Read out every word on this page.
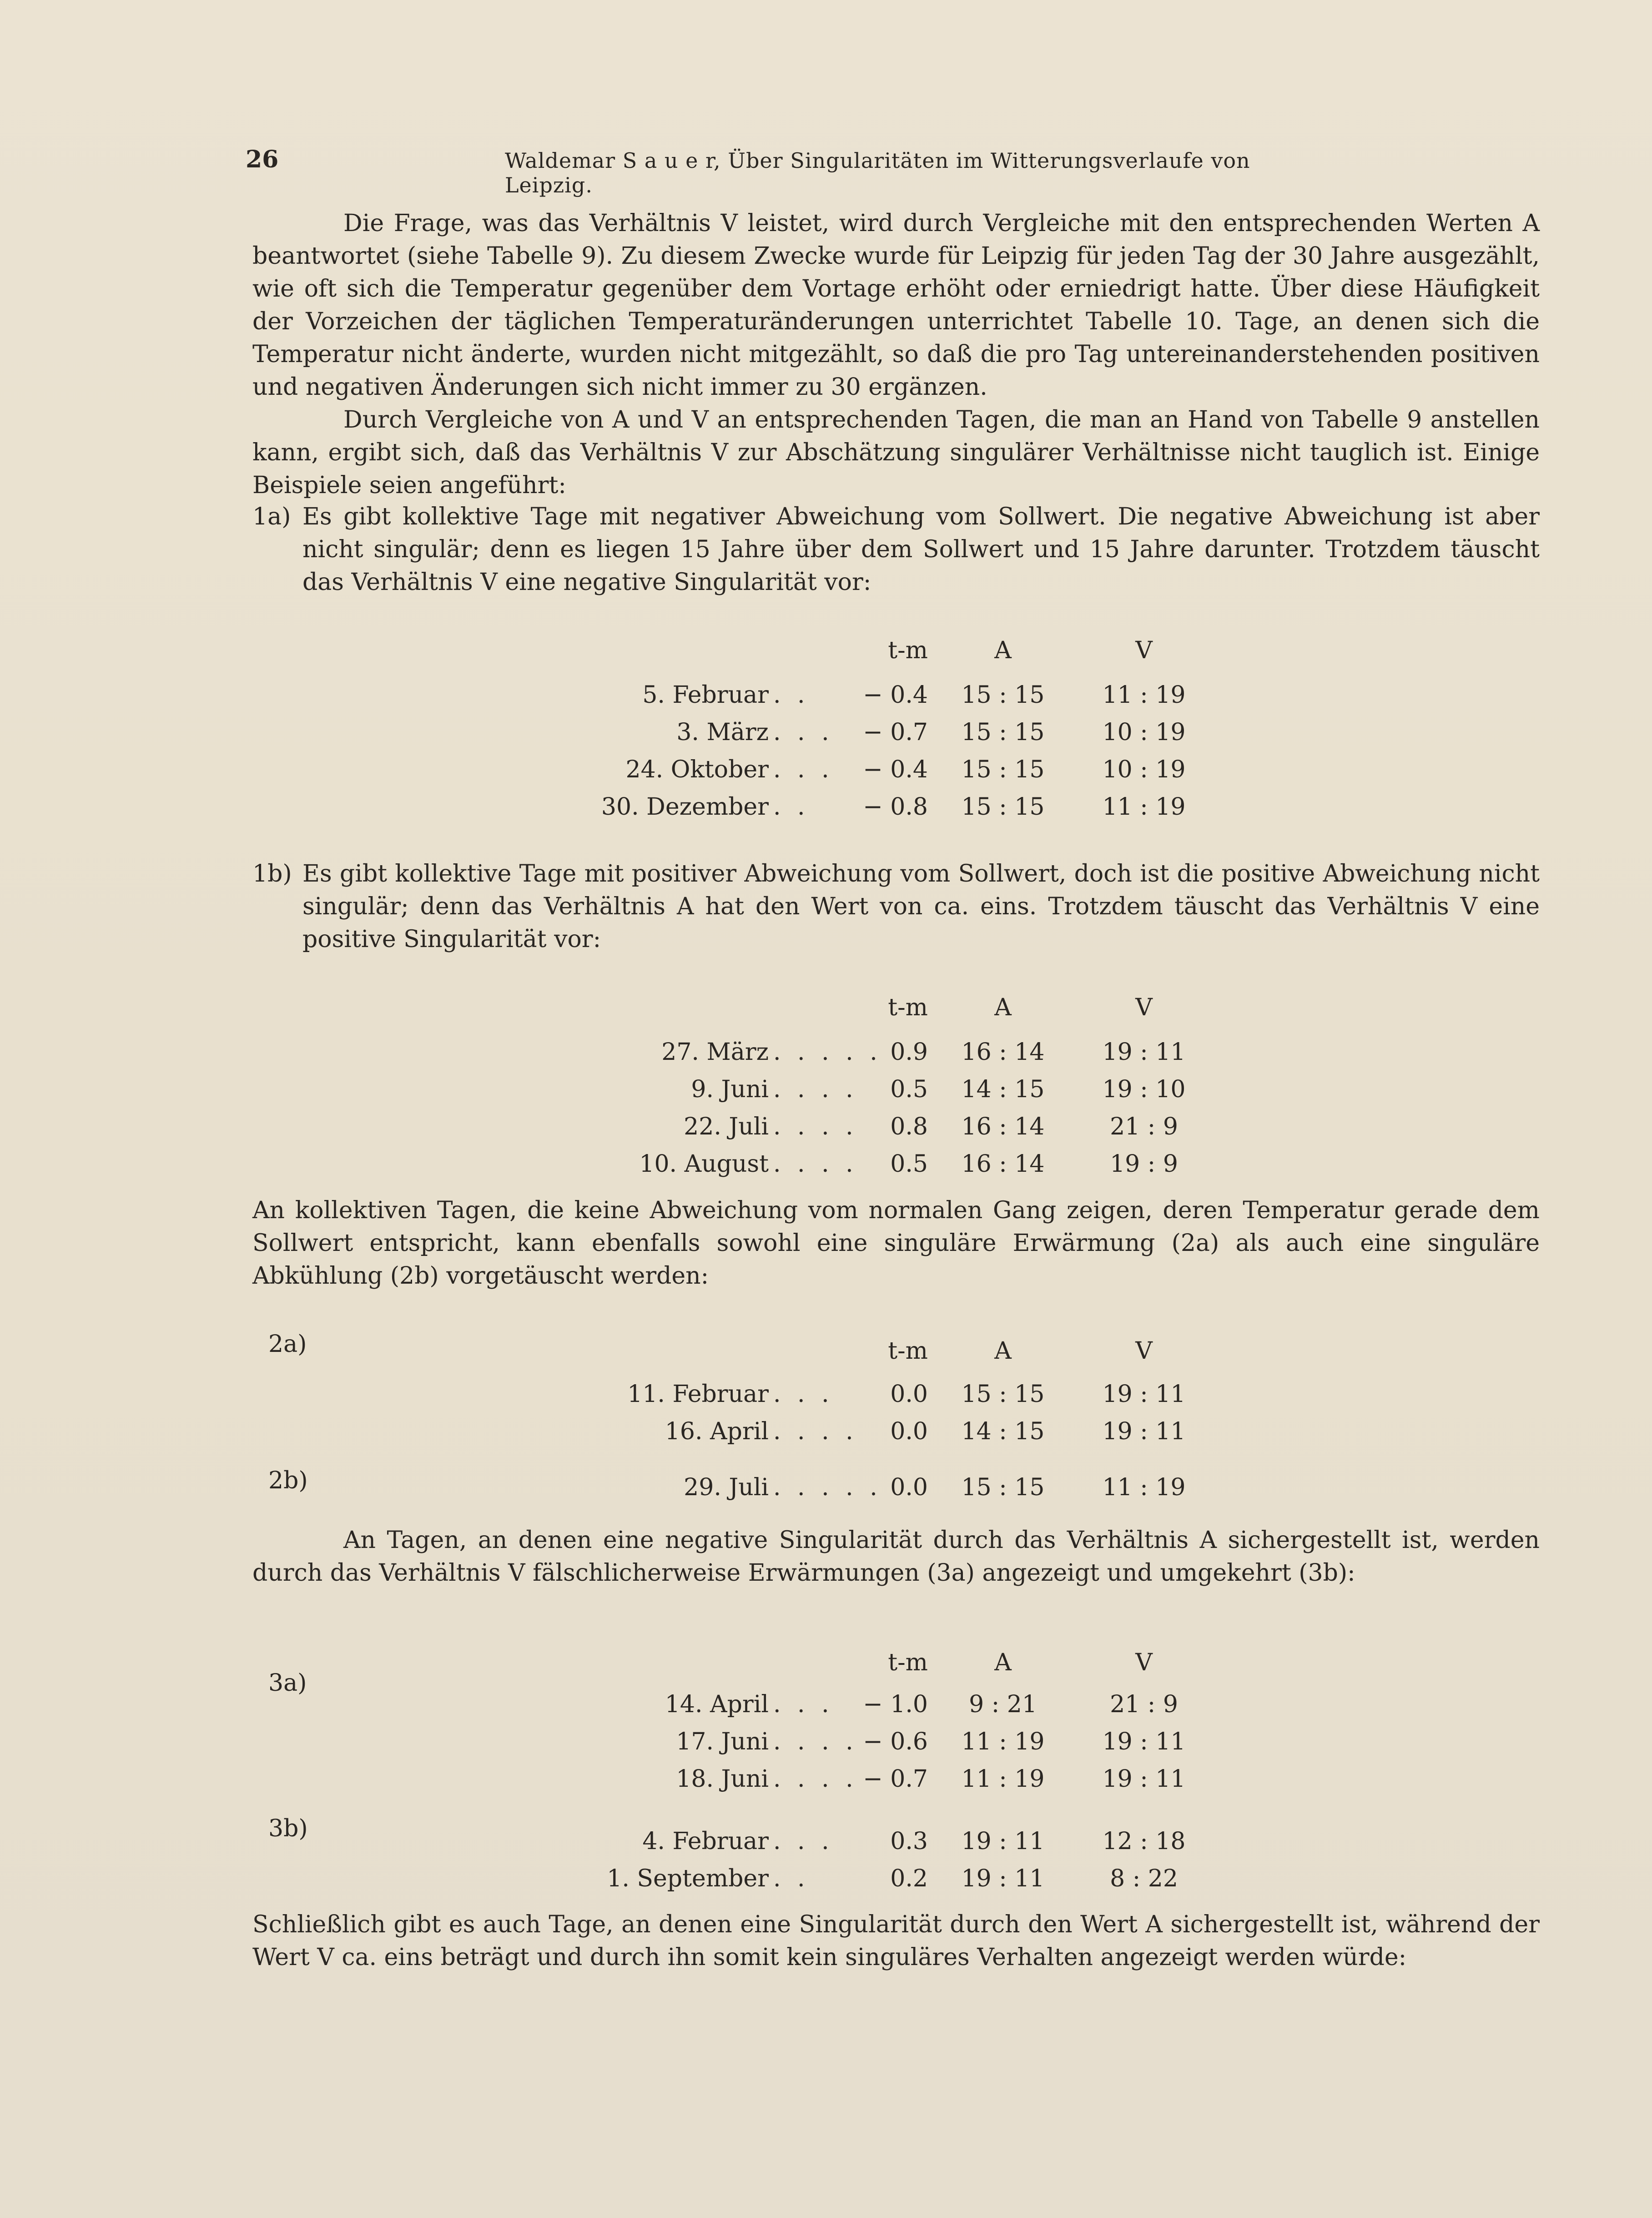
26	Waldemar S a u e r, Über Singularitäten im Witterungsverlaufe von Leipzig.

Die Frage, was das Verhältnis V leistet, wird durch Vergleiche mit den entsprechenden Werten A beantwortet (siehe Tabelle 9). Zu diesem Zwecke wurde für Leipzig für jeden Tag der 30 Jahre ausgezählt, wie oft sich die Temperatur gegenüber dem Vortage erhöht oder erniedrigt hatte. Über diese Häufigkeit der Vorzeichen der täglichen Temperaturänderungen unterrichtet Tabelle 10. Tage, an denen sich die Temperatur nicht änderte, wurden nicht mitgezählt, so daß die pro Tag untereinanderstehenden positiven und negativen Änderungen sich nicht immer zu 30 ergänzen.

Durch Vergleiche von A und V an entsprechenden Tagen, die man an Hand von Tabelle 9 anstellen kann, ergibt sich, daß das Verhältnis V zur Abschätzung singulärer Verhältnisse nicht tauglich ist. Einige Beispiele seien angeführt:

1a) Es gibt kollektive Tage mit negativer Abweichung vom Sollwert. Die negative Abweichung ist aber nicht singulär; denn es liegen 15 Jahre über dem Sollwert und 15 Jahre darunter. Trotzdem täuscht das Verhältnis V eine negative Singularität vor:
t-m	A	V
5. Februar . .	− 0.4	15 : 15	11 : 19
3. März . . .	− 0.7	15 : 15	10 : 19
24. Oktober . . .	− 0.4	15 : 15	10 : 19
30. Dezember . .	− 0.8	15 : 15	11 : 19
1b) Es gibt kollektive Tage mit positiver Abweichung vom Sollwert, doch ist die positive Abweichung nicht singulär; denn das Verhältnis A hat den Wert von ca. eins. Trotzdem täuscht das Verhältnis V eine positive Singularität vor:
t-m	A	V
27. März . . . . . 0.9	16 : 14	19 : 11
9. Juni . . . .	0.5	14 : 15	19 : 10
22. Juli . . . .	0.8	16 : 14	21 : 9
10. August . . . .	0.5	16 : 14	19 : 9

An kollektiven Tagen, die keine Abweichung vom normalen Gang zeigen, deren Temperatur gerade dem Sollwert entspricht, kann ebenfalls sowohl eine singuläre Erwärmung (2a) als auch eine singuläre Abkühlung (2b) vorgetäuscht werden:

2a)
2b)
t-m	A	V
11. Februar . . .	0.0	15 : 15	19 : 11
16. April . . . .	0.0	14 : 15	19 : 11
29. Juli . . . . . 0.0	15 : 15	11 : 19

An Tagen, an denen eine negative Singularität durch das Verhältnis A sichergestellt ist, werden durch das Verhältnis V fälschlicherweise Erwärmungen (3a) angezeigt und umgekehrt (3b):

3a)
3b)
t-m	A	V
14. April . . .	− 1.0	9 : 21	21 : 9
17. Juni . . . . − 0.6	11 : 19	19 : 11
18. Juni . . . . − 0.7	11 : 19	19 : 11
4. Februar . . .	0.3	19 : 11	12 : 18
1. September . .	0.2	19 : 11	8 : 22

Schließlich gibt es auch Tage, an denen eine Singularität durch den Wert A sichergestellt ist, während der Wert V ca. eins beträgt und durch ihn somit kein singuläres Verhalten angezeigt werden würde:
